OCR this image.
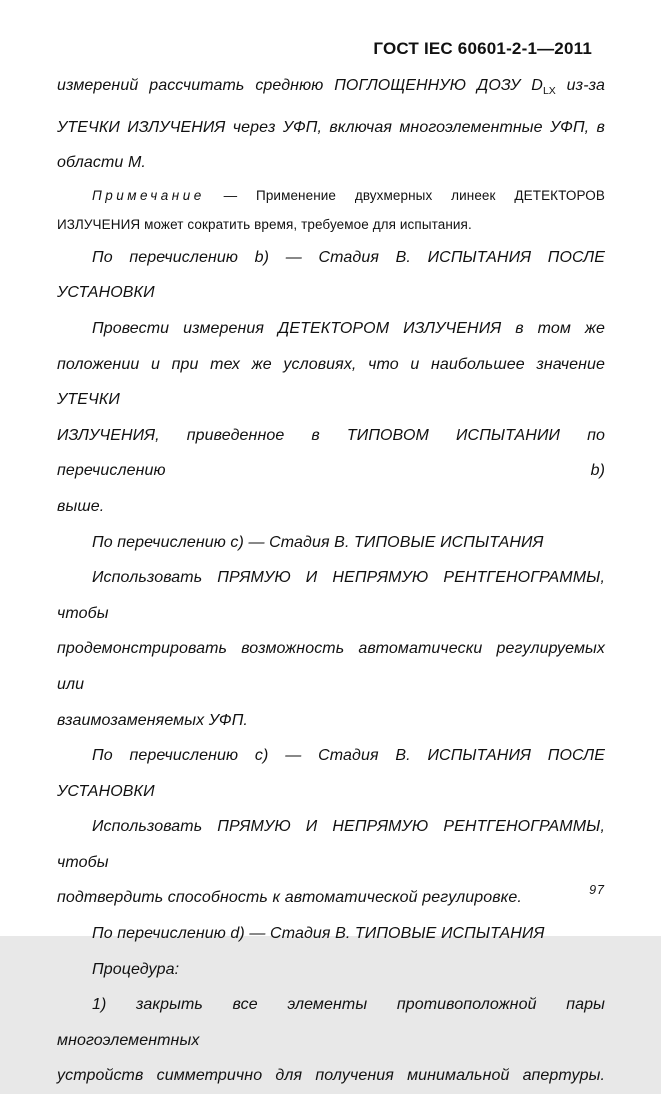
ГОСТ IEC 60601-2-1—2011
измерений рассчитать среднюю ПОГЛОЩЕННУЮ ДОЗУ $D_{LX}$ из-за
УТЕЧКИ ИЗЛУЧЕНИЯ через УФП, включая многоэлементные УФП, в
области М.
Примечание — Применение двухмерных линеек ДЕТЕКТОРОВ
ИЗЛУЧЕНИЯ может сократить время, требуемое для испытания.
По перечислению b) — Стадия В. ИСПЫТАНИЯ ПОСЛЕ
УСТАНОВКИ
Провести измерения ДЕТЕКТОРОМ ИЗЛУЧЕНИЯ в том же
положении и при тех же условиях, что и наибольшее значение УТЕЧКИ
ИЗЛУЧЕНИЯ, приведенное в ТИПОВОМ ИСПЫТАНИИ по перечислению b)
выше.
По перечислению c) — Стадия В. ТИПОВЫЕ ИСПЫТАНИЯ
Использовать ПРЯМУЮ И НЕПРЯМУЮ РЕНТГЕНОГРАММЫ, чтобы
продемонстрировать возможность автоматически регулируемых или
взаимозаменяемых УФП.
По перечислению c) — Стадия В. ИСПЫТАНИЯ ПОСЛЕ
УСТАНОВКИ
Использовать ПРЯМУЮ И НЕПРЯМУЮ РЕНТГЕНОГРАММЫ, чтобы
подтвердить способность к автоматической регулировке.
По перечислению d) — Стадия В. ТИПОВЫЕ ИСПЫТАНИЯ
Процедура:
1) закрыть все элементы противоположной пары многоэлементных
устройств симметрично для получения минимальной апертуры.
97
